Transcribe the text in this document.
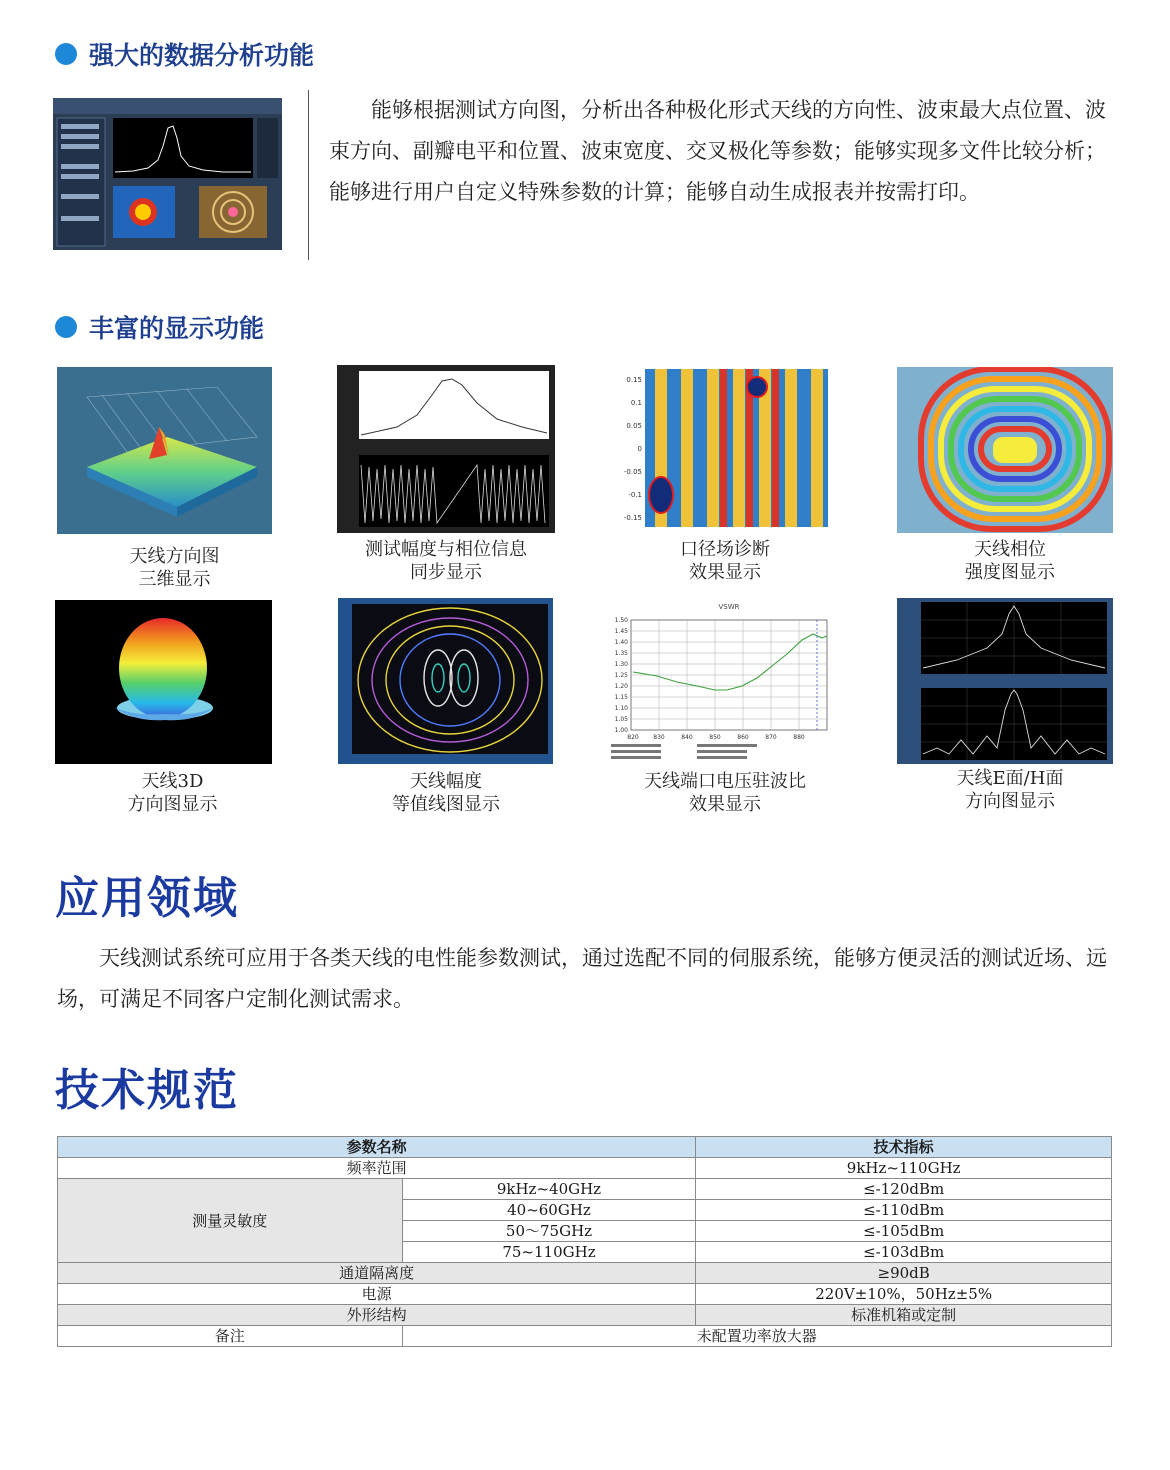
强大的数据分析功能
能够根据测试方向图，分析出各种极化形式天线的方向性、波束最大点位置、波束方向、副瓣电平和位置、波束宽度、交叉极化等参数；能够实现多文件比较分析；能够进行用户自定义特殊参数的计算；能够自动生成报表并按需打印。
丰富的显示功能
天线方向图
三维显示
测试幅度与相位信息
同步显示
0.15
0.1
0.05
0
-0.05
-0.1
-0.15
口径场诊断
效果显示
天线相位
强度图显示
天线3D
方向图显示
天线幅度
等值线图显示
VSWR
1.50
1.45
1.40
1.35
1.30
1.25
1.20
1.15
1.10
1.05
1.00
820 830	840	850	860	870	880
天线端口电压驻波比
效果显示
天线E面/H面
方向图显示
应用领域
天线测试系统可应用于各类天线的电性能参数测试，通过选配不同的伺服系统，能够方便灵活的测试近场、远场，可满足不同客户定制化测试需求。
技术规范
参数名称		技术指标
频率范围		9kHz~110GHz
测量灵敏度	9kHz~40GHz	≤-120dBm
	40~60GHz	≤-110dBm
	50～75GHz	≤-105dBm
	75~110GHz	≤-103dBm
通道隔离度		≥90dB
电源		220V±10%，50Hz±5%
外形结构		标准机箱或定制
备注	未配置功率放大器	
